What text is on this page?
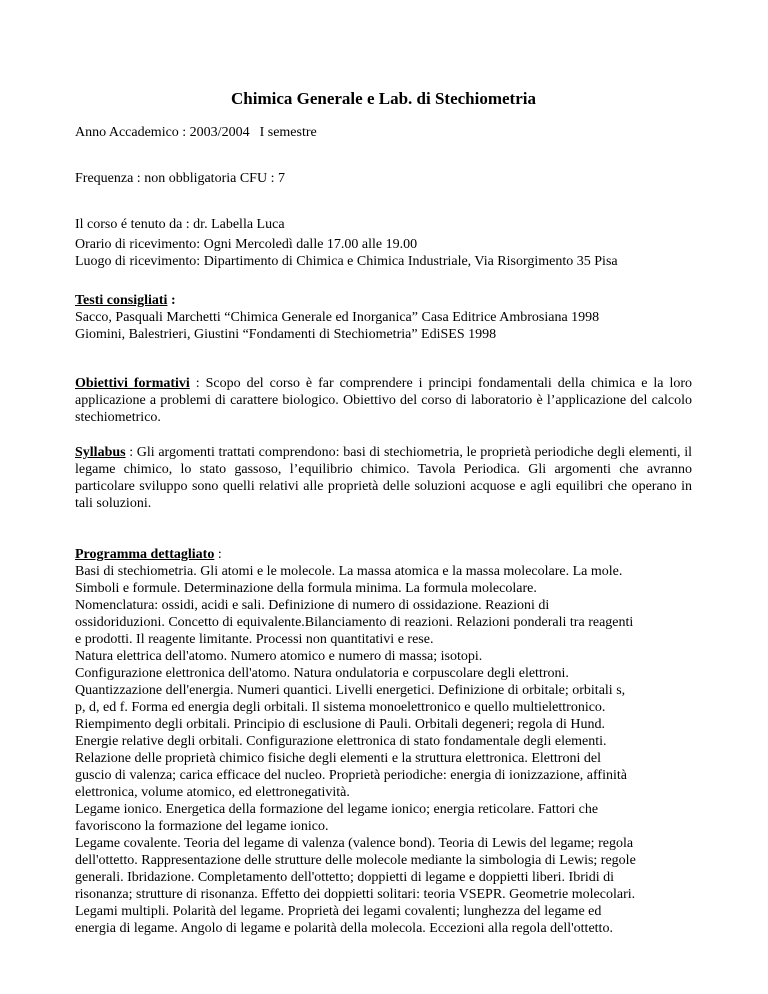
Chimica Generale e Lab. di Stechiometria

Anno Accademico : 2003/2004 I semestre

Frequenza : non obbligatoria CFU : 7

Il corso é tenuto da : dr. Labella Luca

Orario di ricevimento: Ogni Mercoledì dalle 17.00 alle 19.00

Luogo di ricevimento: Dipartimento di Chimica e Chimica Industriale, Via Risorgimento 35 Pisa

Testi consigliati :

Sacco, Pasquali Marchetti “Chimica Generale ed Inorganica” Casa Editrice Ambrosiana 1998

Giomini, Balestrieri, Giustini “Fondamenti di Stechiometria” EdiSES 1998

Obiettivi formativi : Scopo del corso è far comprendere i principi fondamentali della chimica e la loro applicazione a problemi di carattere biologico. Obiettivo del corso di laboratorio è l’applicazione del calcolo stechiometrico.

Syllabus : Gli argomenti trattati comprendono: basi di stechiometria, le proprietà periodiche degli elementi, il legame chimico, lo stato gassoso, l’equilibrio chimico. Tavola Periodica. Gli argomenti che avranno particolare sviluppo sono quelli relativi alle proprietà delle soluzioni acquose e agli equilibri che operano in tali soluzioni.

Programma dettagliato :

Basi di stechiometria. Gli atomi e le molecole. La massa atomica e la massa molecolare. La mole.
Simboli e formule. Determinazione della formula minima. La formula molecolare.
Nomenclatura: ossidi, acidi e sali. Definizione di numero di ossidazione. Reazioni di
ossidoriduzioni. Concetto di equivalente.Bilanciamento di reazioni. Relazioni ponderali tra reagenti
e prodotti. Il reagente limitante. Processi non quantitativi e rese.
Natura elettrica dell'atomo. Numero atomico e numero di massa; isotopi.
Configurazione elettronica dell'atomo. Natura ondulatoria e corpuscolare degli elettroni.
Quantizzazione dell'energia. Numeri quantici. Livelli energetici. Definizione di orbitale; orbitali s,
p, d, ed f. Forma ed energia degli orbitali. Il sistema monoelettronico e quello multielettronico.
Riempimento degli orbitali. Principio di esclusione di Pauli. Orbitali degeneri; regola di Hund.
Energie relative degli orbitali. Configurazione elettronica di stato fondamentale degli elementi.
Relazione delle proprietà chimico fisiche degli elementi e la struttura elettronica. Elettroni del
guscio di valenza; carica efficace del nucleo. Proprietà periodiche: energia di ionizzazione, affinità
elettronica, volume atomico, ed elettronegatività.
Legame ionico. Energetica della formazione del legame ionico; energia reticolare. Fattori che
favoriscono la formazione del legame ionico.
Legame covalente. Teoria del legame di valenza (valence bond). Teoria di Lewis del legame; regola
dell'ottetto. Rappresentazione delle strutture delle molecole mediante la simbologia di Lewis; regole
generali. Ibridazione. Completamento dell'ottetto; doppietti di legame e doppietti liberi. Ibridi di
risonanza; strutture di risonanza. Effetto dei doppietti solitari: teoria VSEPR. Geometrie molecolari.
Legami multipli. Polarità del legame. Proprietà dei legami covalenti; lunghezza del legame ed
energia di legame. Angolo di legame e polarità della molecola. Eccezioni alla regola dell'ottetto.
